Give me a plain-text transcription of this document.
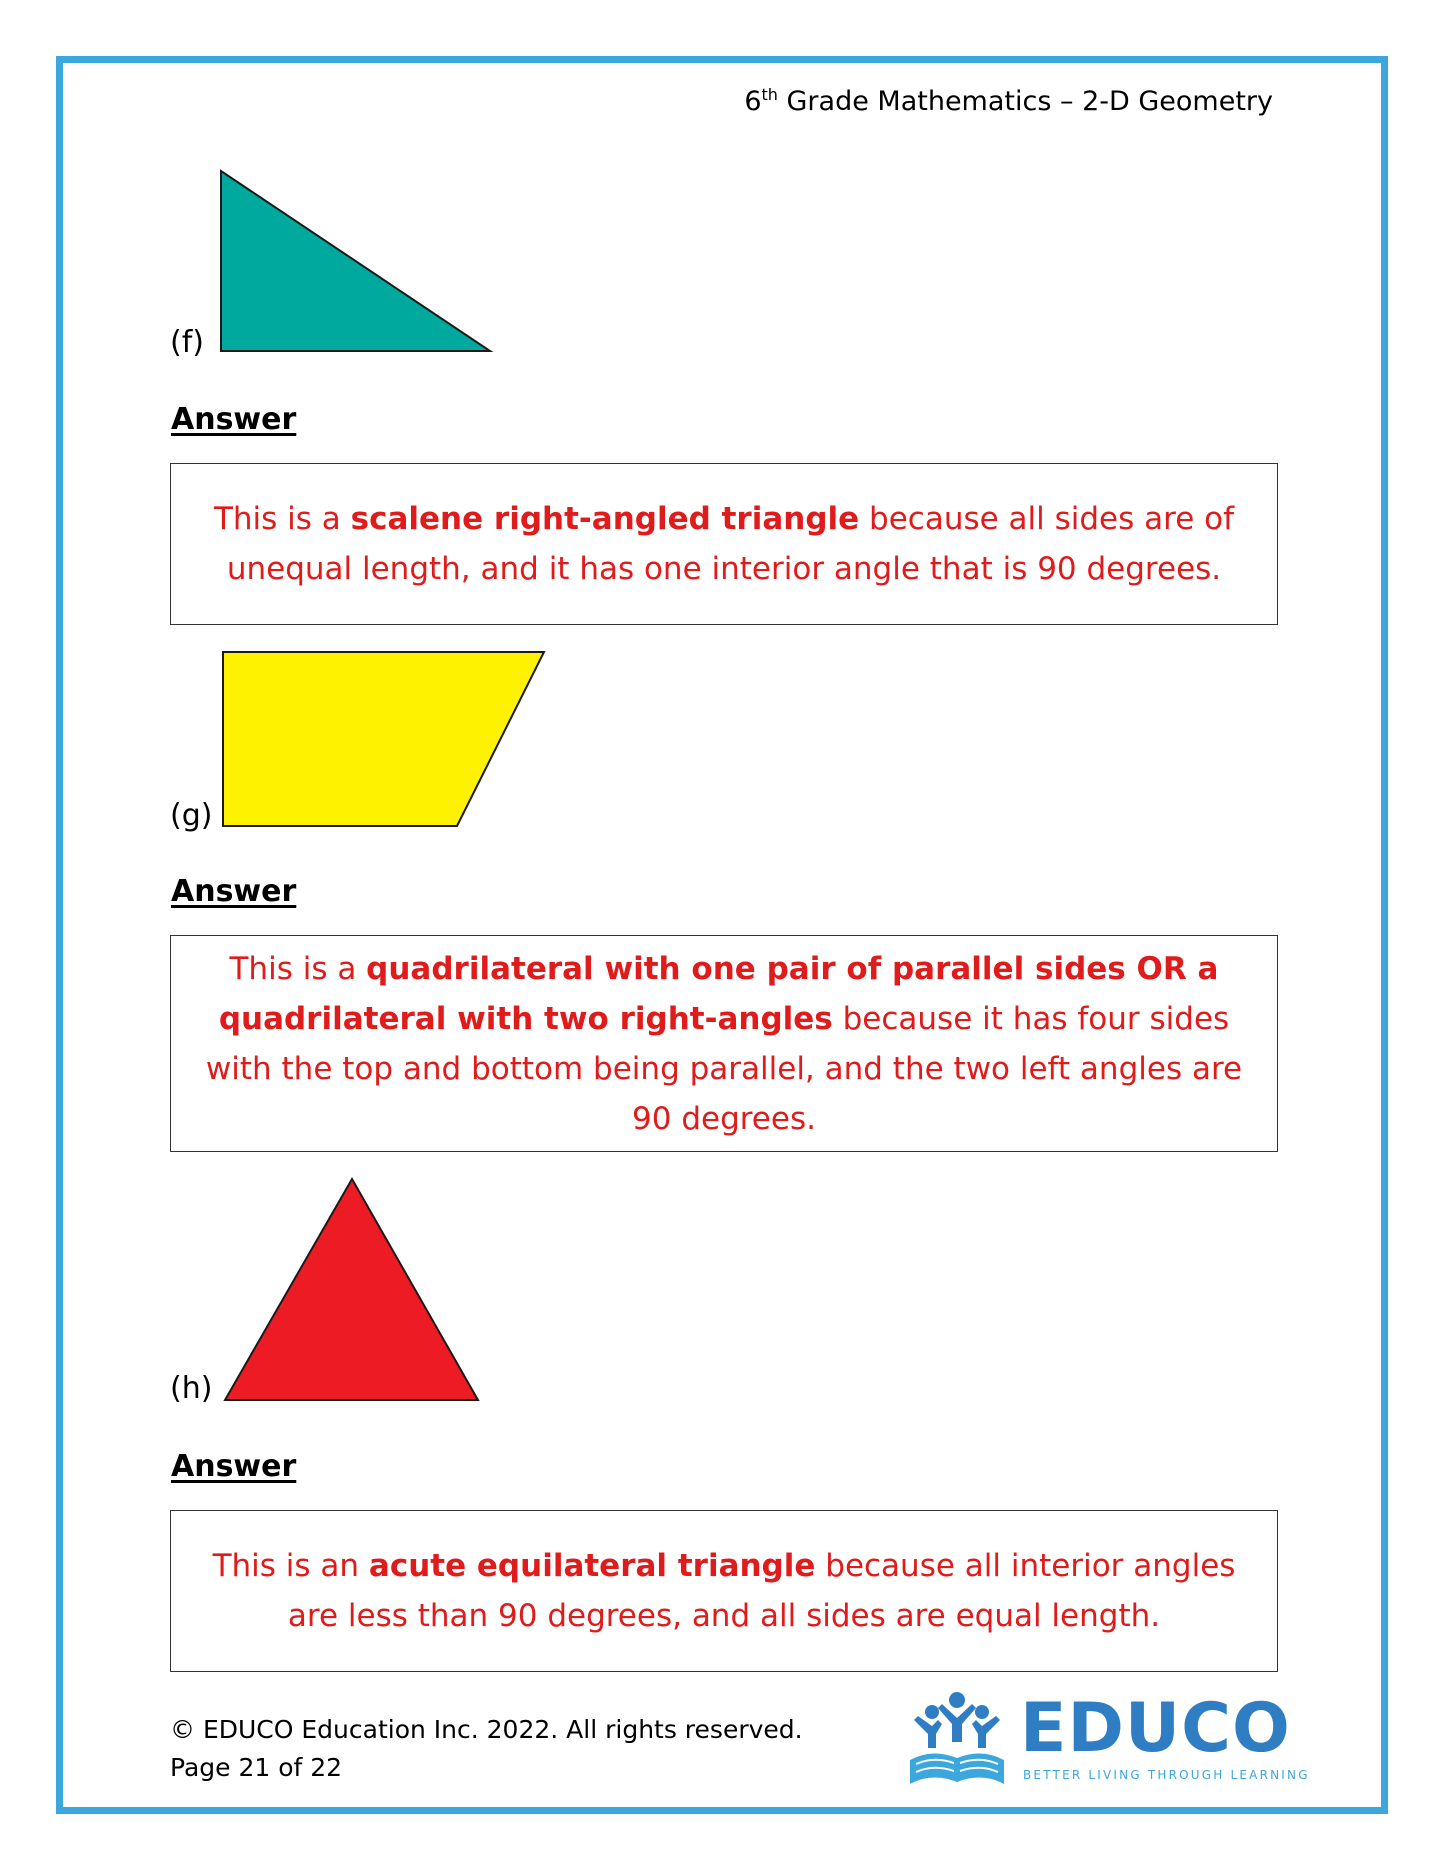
6th Grade Mathematics – 2-D Geometry
(f)
Answer
This is a scalene right-angled triangle because all sides are of unequal length, and it has one interior angle that is 90 degrees.
(g)
Answer
This is a quadrilateral with one pair of parallel sides OR a quadrilateral with two right-angles because it has four sides with the top and bottom being parallel, and the two left angles are 90 degrees.
(h)
Answer
This is an acute equilateral triangle because all interior angles are less than 90 degrees, and all sides are equal length.
© EDUCO Education Inc. 2022. All rights reserved.
Page 21 of 22	EDUCO
BETTER LIVING THROUGH LEARNING
